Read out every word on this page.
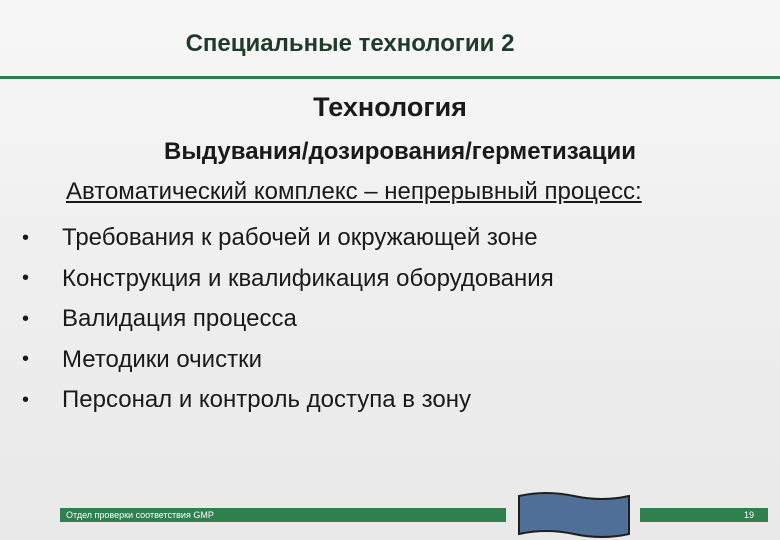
Специальные технологии 2
Технология
Выдувания/дозирования/герметизации
Автоматический комплекс – непрерывный процесс:
•	Требования к рабочей и окружающей зоне
•	Конструкция и квалификация оборудования
•	Валидация процесса
•	Методики очистки
•	Персонал и контроль доступа в зону
Отдел проверки соответствия GMP	19
